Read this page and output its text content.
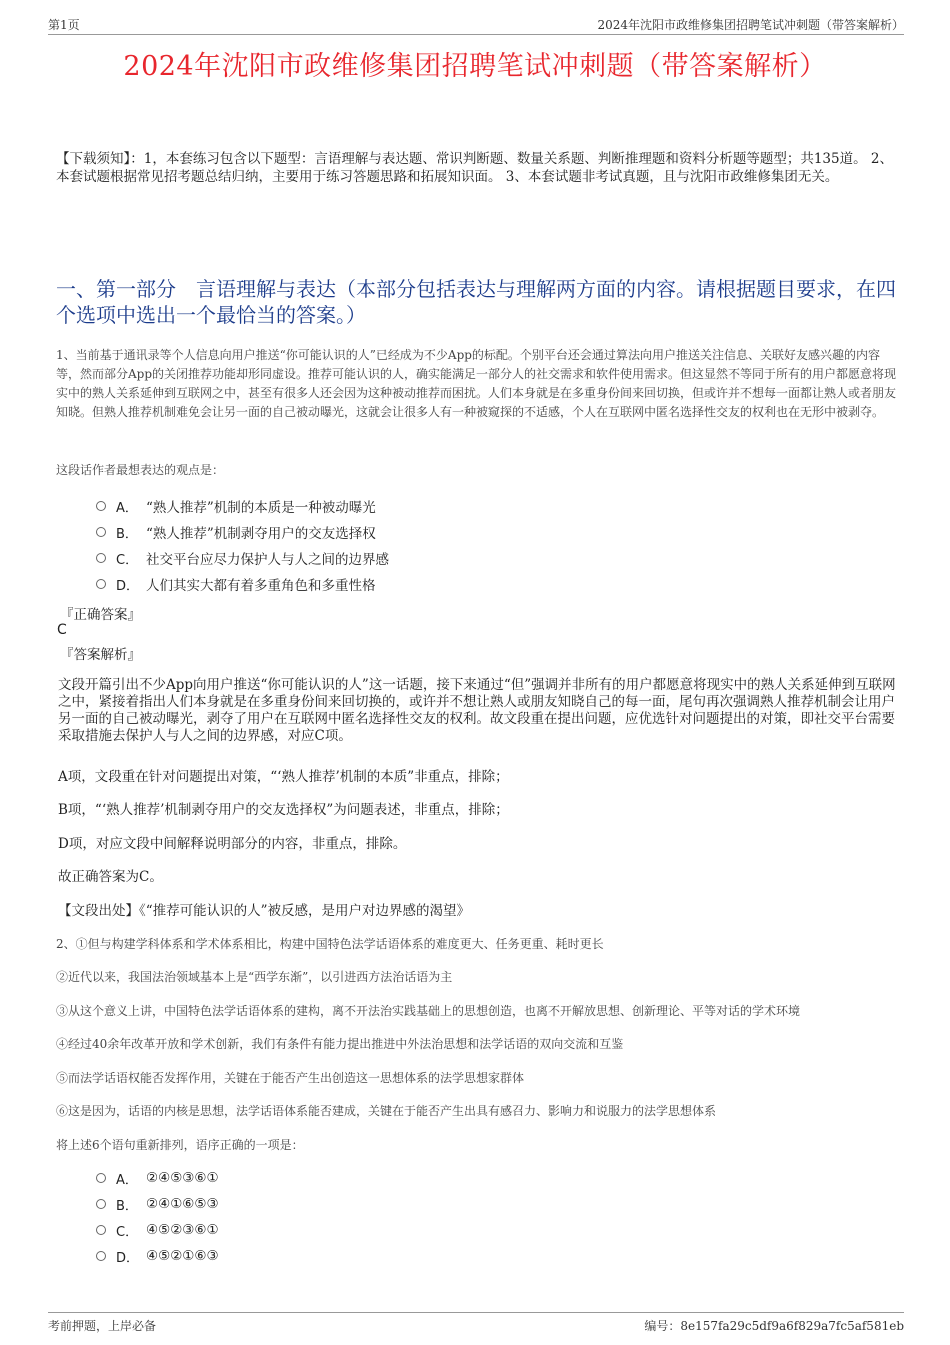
第1页	2024年沈阳市政维修集团招聘笔试冲刺题（带答案解析）
2024年沈阳市政维修集团招聘笔试冲刺题（带答案解析）
【下载须知】：1，本套练习包含以下题型：言语理解与表达题、常识判断题、数量关系题、判断推理题和资料分析题等题型；共135道。 2、本套试题根据常见招考题总结归纳，主要用于练习答题思路和拓展知识面。 3、本套试题非考试真题，且与沈阳市政维修集团无关。
一、第一部分　言语理解与表达（本部分包括表达与理解两方面的内容。请根据题目要求，在四个选项中选出一个最恰当的答案。）
1、当前基于通讯录等个人信息向用户推送“你可能认识的人”已经成为不少App的标配。个别平台还会通过算法向用户推送关注信息、关联好友感兴趣的内容等，然而部分App的关闭推荐功能却形同虚设。推荐可能认识的人，确实能满足一部分人的社交需求和软件使用需求。但这显然不等同于所有的用户都愿意将现实中的熟人关系延伸到互联网之中，甚至有很多人还会因为这种被动推荐而困扰。人们本身就是在多重身份间来回切换，但或许并不想每一面都让熟人或者朋友知晓。但熟人推荐机制难免会让另一面的自己被动曝光，这就会让很多人有一种被窥探的不适感，个人在互联网中匿名选择性交友的权利也在无形中被剥夺。
这段话作者最想表达的观点是：
A． “熟人推荐”机制的本质是一种被动曝光
B． “熟人推荐”机制剥夺用户的交友选择权
C． 社交平台应尽力保护人与人之间的边界感
D． 人们其实大都有着多重角色和多重性格
『正确答案』
C
『答案解析』
文段开篇引出不少App向用户推送“你可能认识的人”这一话题，接下来通过“但”强调并非所有的用户都愿意将现实中的熟人关系延伸到互联网之中，紧接着指出人们本身就是在多重身份间来回切换的，或许并不想让熟人或朋友知晓自己的每一面，尾句再次强调熟人推荐机制会让用户另一面的自己被动曝光，剥夺了用户在互联网中匿名选择性交友的权利。故文段重在提出问题，应优选针对问题提出的对策，即社交平台需要采取措施去保护人与人之间的边界感，对应C项。
A项，文段重在针对问题提出对策，“‘熟人推荐’机制的本质”非重点，排除；
B项，“‘熟人推荐’机制剥夺用户的交友选择权”为问题表述，非重点，排除；
D项，对应文段中间解释说明部分的内容，非重点，排除。
故正确答案为C。
【文段出处】《“推荐可能认识的人”被反感，是用户对边界感的渴望》
2、①但与构建学科体系和学术体系相比，构建中国特色法学话语体系的难度更大、任务更重、耗时更长
②近代以来，我国法治领域基本上是“西学东渐”，以引进西方法治话语为主
③从这个意义上讲，中国特色法学话语体系的建构，离不开法治实践基础上的思想创造，也离不开解放思想、创新理论、平等对话的学术环境
④经过40余年改革开放和学术创新，我们有条件有能力提出推进中外法治思想和法学话语的双向交流和互鉴
⑤而法学话语权能否发挥作用，关键在于能否产生出创造这一思想体系的法学思想家群体
⑥这是因为，话语的内核是思想，法学话语体系能否建成，关键在于能否产生出具有感召力、影响力和说服力的法学思想体系
将上述6个语句重新排列，语序正确的一项是：
A． ②④⑤③⑥①
B． ②④①⑥⑤③
C． ④⑤②③⑥①
D． ④⑤②①⑥③
考前押题，上岸必备	编号：8e157fa29c5df9a6f829a7fc5af581eb
